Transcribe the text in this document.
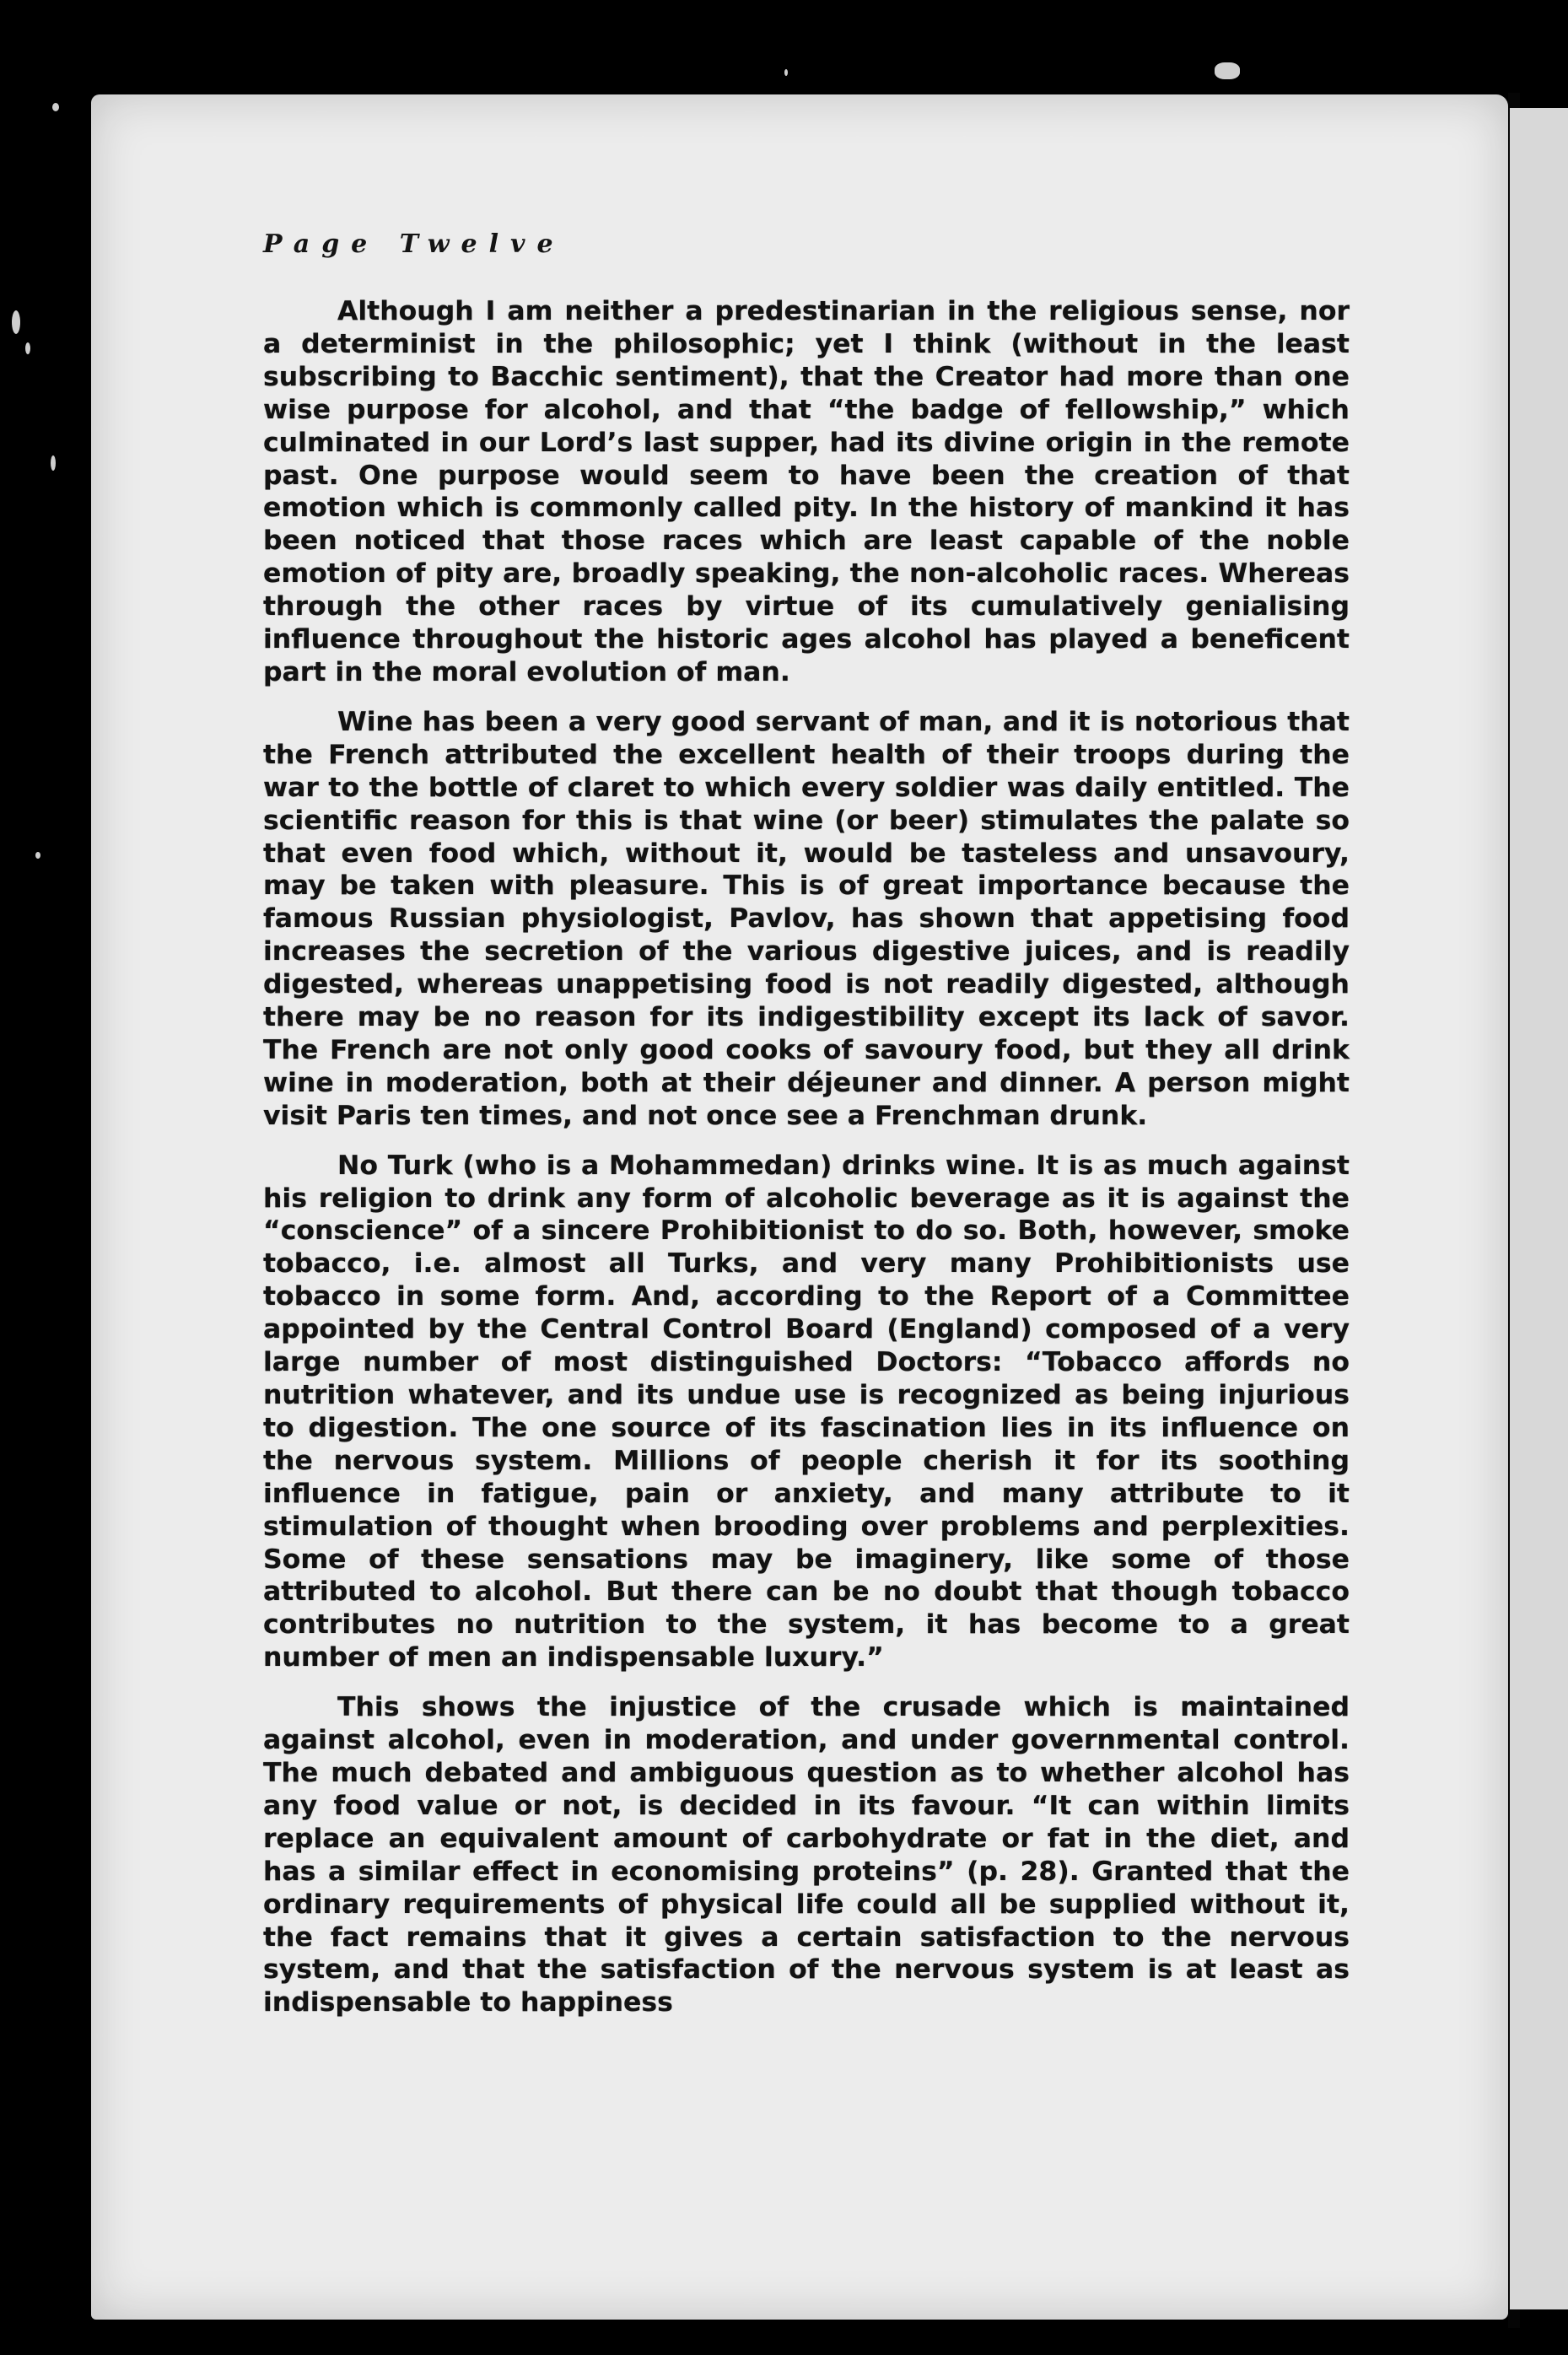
Page Twelve

Although I am neither a predestinarian in the religious sense, nor a determinist in the philosophic; yet I think (without in the least subscribing to Bacchic sentiment), that the Creator had more than one wise purpose for alcohol, and that “the badge of fellowship,” which culminated in our Lord’s last supper, had its divine origin in the remote past. One purpose would seem to have been the creation of that emotion which is commonly called pity. In the history of mankind it has been noticed that those races which are least capable of the noble emotion of pity are, broadly speaking, the non-alcoholic races. Whereas through the other races by virtue of its cumulatively genialising influence throughout the historic ages alcohol has played a beneficent part in the moral evolution of man.

Wine has been a very good servant of man, and it is notorious that the French attributed the excellent health of their troops during the war to the bottle of claret to which every soldier was daily entitled. The scientific reason for this is that wine (or beer) stimulates the palate so that even food which, without it, would be tasteless and unsavoury, may be taken with pleasure. This is of great importance because the famous Russian physiologist, Pavlov, has shown that appetising food increases the secretion of the various digestive juices, and is readily digested, whereas unappetising food is not readily digested, although there may be no reason for its indigestibility except its lack of savor. The French are not only good cooks of savoury food, but they all drink wine in moderation, both at their déjeuner and dinner. A person might visit Paris ten times, and not once see a Frenchman drunk.

No Turk (who is a Mohammedan) drinks wine. It is as much against his religion to drink any form of alcoholic beverage as it is against the “conscience” of a sincere Prohibitionist to do so. Both, however, smoke tobacco, i.e. almost all Turks, and very many Prohibitionists use tobacco in some form. And, according to the Report of a Committee appointed by the Central Control Board (England) composed of a very large number of most distinguished Doctors: “Tobacco affords no nutrition whatever, and its undue use is recognized as being injurious to digestion. The one source of its fascination lies in its influence on the nervous system. Millions of people cherish it for its soothing influence in fatigue, pain or anxiety, and many attribute to it stimulation of thought when brooding over problems and perplexities. Some of these sensations may be imaginery, like some of those attributed to alcohol. But there can be no doubt that though tobacco contributes no nutrition to the system, it has become to a great number of men an indispensable luxury.”

This shows the injustice of the crusade which is maintained against alcohol, even in moderation, and under governmental control. The much debated and ambiguous question as to whether alcohol has any food value or not, is decided in its favour. “It can within limits replace an equivalent amount of carbohydrate or fat in the diet, and has a similar effect in economising proteins” (p. 28). Granted that the ordinary requirements of physical life could all be supplied without it, the fact remains that it gives a certain satisfaction to the nervous system, and that the satisfaction of the nervous system is at least as indispensable to happiness
